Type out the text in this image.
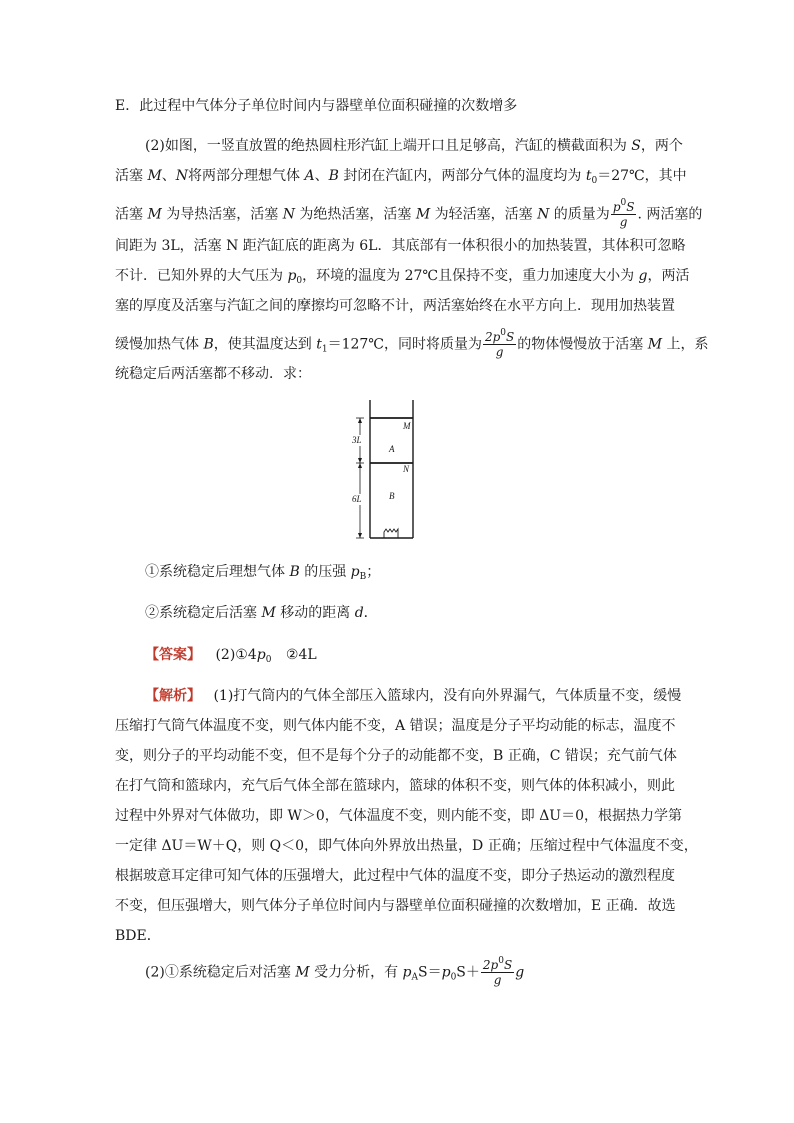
E．此过程中气体分子单位时间内与器壁单位面积碰撞的次数增多
(2)如图，一竖直放置的绝热圆柱形汽缸上端开口且足够高，汽缸的横截面积为 S，两个
活塞 M、N将两部分理想气体 A、B 封闭在汽缸内，两部分气体的温度均为 $t_0=27℃$，其中
活塞 M 为导热活塞，活塞 N 为绝热活塞，活塞 M 为轻活塞，活塞 N 的质量为 $\frac{p^0S}{g}$ . 两活塞的
间距为 3L，活塞 N 距汽缸底的距离为 6L．其底部有一体积很小的加热装置，其体积可忽略
不计．已知外界的大气压为 $p_0$，环境的温度为 27℃且保持不变，重力加速度大小为 g，两活
塞的厚度及活塞与汽缸之间的摩擦均可忽略不计，两活塞始终在水平方向上．现用加热装置
缓慢加热气体 B，使其温度达到 $t_1=127℃$，同时将质量为 $\frac{2p^0S}{g}$ 的物体慢慢放于活塞 M 上，系
统稳定后两活塞都不移动．求：
3L
6L
M
N
A
B
①系统稳定后理想气体 B 的压强 $p_B$；
②系统稳定后活塞 M 移动的距离 d．
【答案】 $(2)①4p_0$ ②4L
【解析】 (1)打气筒内的气体全部压入篮球内，没有向外界漏气，气体质量不变，缓慢
压缩打气筒气体温度不变，则气体内能不变，A 错误；温度是分子平均动能的标志，温度不
变，则分子的平均动能不变，但不是每个分子的动能都不变，B 正确，C 错误；充气前气体
在打气筒和篮球内，充气后气体全部在篮球内，篮球的体积不变，则气体的体积减小，则此
过程中外界对气体做功，即 W＞0，气体温度不变，则内能不变，即 ΔU＝0，根据热力学第
一定律 ΔU＝W＋Q，则 Q＜0，即气体向外界放出热量，D 正确；压缩过程中气体温度不变，
根据玻意耳定律可知气体的压强增大，此过程中气体的温度不变，即分子热运动的激烈程度
不变，但压强增大，则气体分子单位时间内与器壁单位面积碰撞的次数增加，E 正确．故选
BDE．
(2)①系统稳定后对活塞 M 受力分析，有 $p_AS=p_0S+ \frac{2p^0S}{g}$ g
